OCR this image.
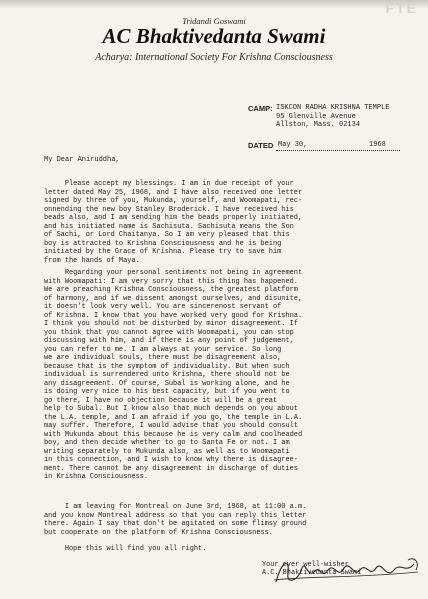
FTE
Tridandi Goswami
AC Bhaktivedanta Swami
Acharya: International Society For Krishna Consciousness
CAMP: ISKCON RADHA KRISHNA TEMPLE
95 Glenville Avenue
Allston, Mass. 02134
DATED May 30,	1968
My Dear Aniruddha,
Please accept my blessings. I am in due receipt of your
letter dated May 25, 1968, and I have also received one letter
signed by three of you, Mukunda, yourself, and Woomapati, rec-
onnending the new boy Stanley Broderick. I have received his
beads also, and I am sending him the beads properly initiated,
and his initiated name is Sachisuta. Sachisuta means the Son
of Sachi, or Lord Chaitanya. So I am very pleased that this
boy is attracted to Krishna Consciousness and he is being
initiated by the Grace of Krishna. Please try to save him
from the hands of Maya.
Regarding your personal sentiments not being in agreement
with Woomapati: I am very sorry that this thing has happened.
We are preaching Krishna Consciousness, the greatest platform
of harmony, and if we dissent amongst ourselves, and disunite,
it doesn't look very well. You are sincerenost servant of
of Krishna. I know that you have worked very good for Krishna.
I think you should not be disturbed by minor disagreement. If
you think that you cannot agree with Woomapati, you can stop
discussing with him, and if there is any point of judgement,
you can refer to me. I am always at your service. So long
we are individual souls, there must be disagreement also,
because that is the symptom of individuality. But when such
individual is surrendered unto Krishna, there should not be
any disagreement. Of course, Subal is working alone, and he
is doing very nice to his best capacity, but if you went to
go there, I have no objection because it will be a great
help to Subal. But I know also that much depends on you about
the L.A. temple, and I am afraid if you go, the temple in L.A.
may suffer. Therefore, I would advise that you should consult
with Mukunda about this because he is very calm and coolheaded
boy, and then decide whether to go to Santa Fe or not. I am
writing separately to Mukunda also, as well as to Woomapati
in this connection, and I wish to know why there is disagree-
ment. There cannot be any disagreement in discharge of duties
in Krishna Consciousness.
I am leaving for Montreal on June 3rd, 1968, at 11:00 a.m.
and you know Montreal address so that you can reply this letter
there. Again I say that don't be agitated on some flimsy ground
but cooperate on the platform of Krishna Consciousness.
Hope this will find you all right.
Your ever well-wisher
A.C. Bhaktivedanta Swami
